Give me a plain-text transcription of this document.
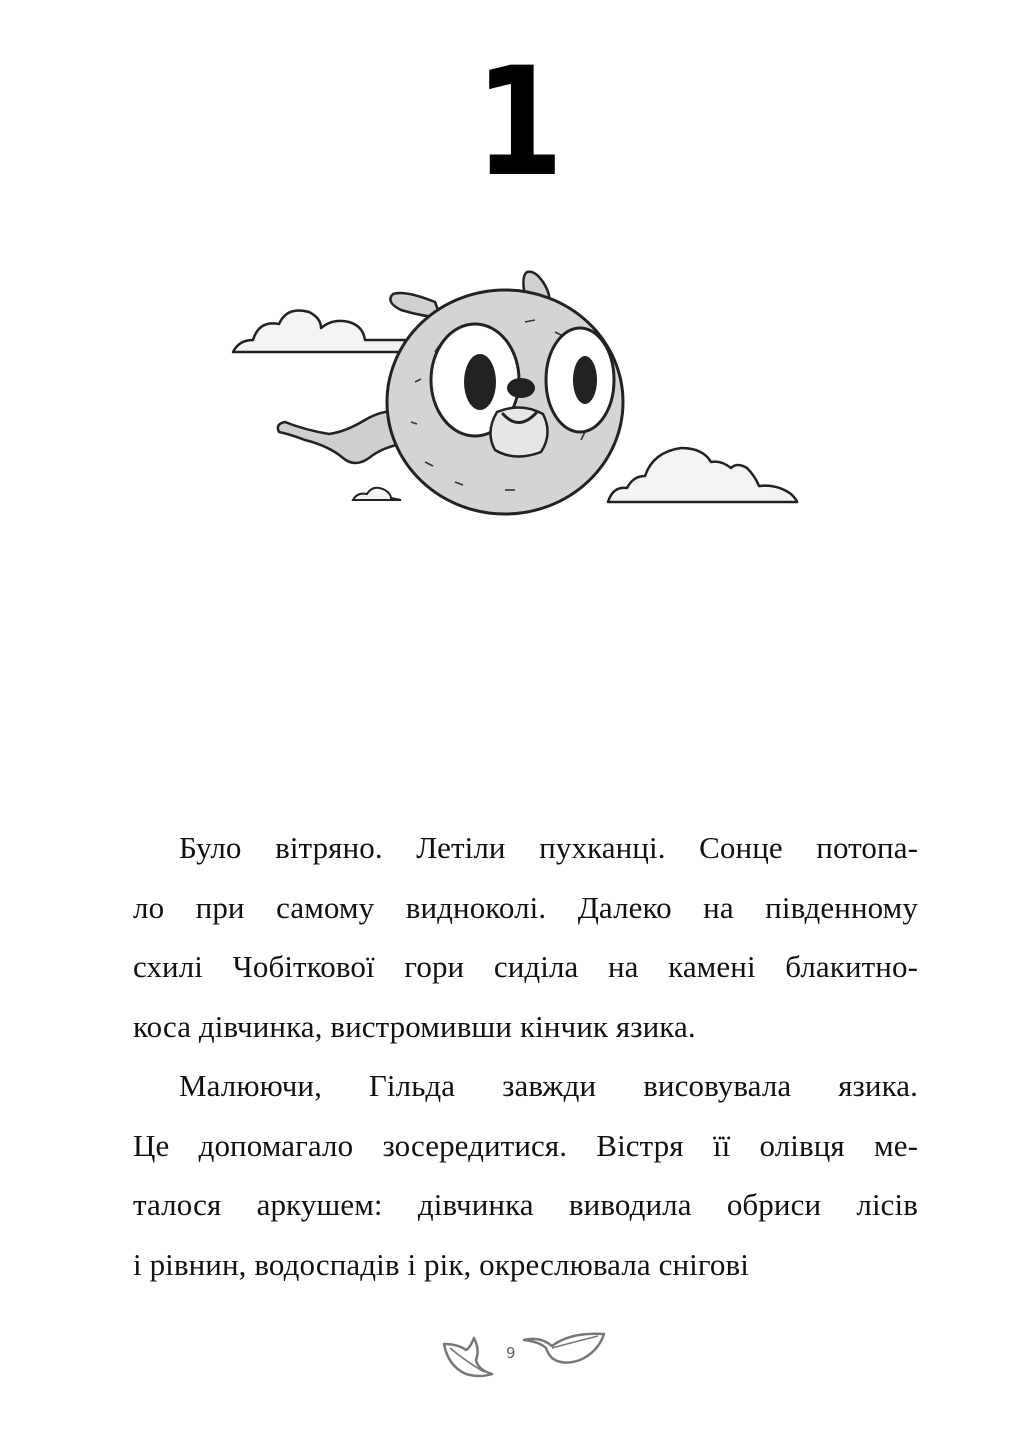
1
Було вітряно. Летіли пухканці. Сонце потопа-
ло при самому видноколі. Далеко на південному
схилі Чобіткової гори сиділа на камені блакитно-
коса дівчинка, вистромивши кінчик язика.
Малюючи, Гільда завжди висовувала язика.
Це допомагало зосередитися. Вістря її олівця ме-
талося аркушем: дівчинка виводила обриси лісів
і рівнин, водоспадів і рік, окреслювала снігові
9
